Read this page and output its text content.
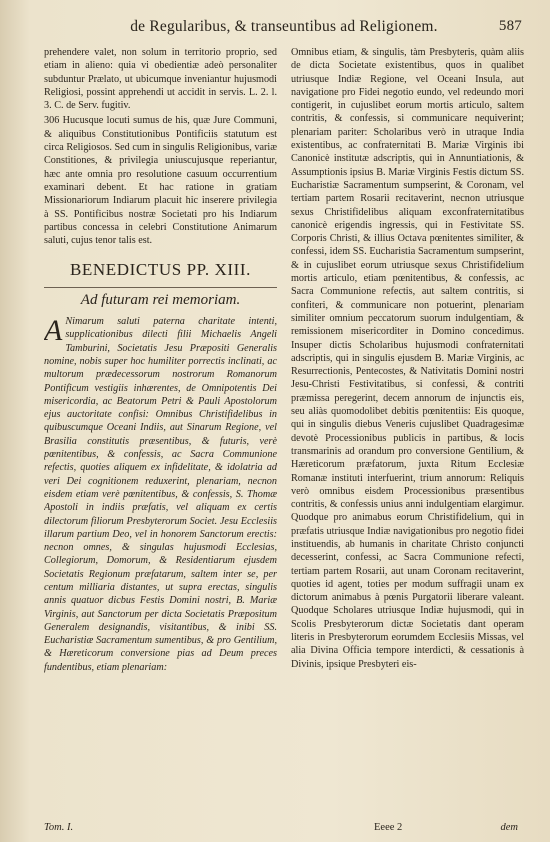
de Regularibus, & transeuntibus ad Religionem.	587

prehendere valet, non solum in territorio proprio, sed etiam in alieno: quia vi obedientiæ adeò personaliter subduntur Prælato, ut ubicumque inveniantur hujusmodi Religiosi, possint apprehendi ut accidit in servis. L. 2. l. 3. C. de Serv. fugitiv.

306 Hucusque locuti sumus de his, quæ Jure Communi, & aliquibus Constitutionibus Pontificiis statutum est circa Religiosos. Sed cum in singulis Religionibus, variæ Constitiones, & privilegia uniuscujusque reperiantur, hæc ante omnia pro resolutione casuum occurrentium examinari debent. Et hac ratione in gratiam Missionariorum Indiarum placuit hic inserere privilegia à SS. Pontificibus nostræ Societati pro his Indiarum partibus concessa in celebri Constitutione Animarum saluti, cujus tenor talis est.

BENEDICTUS PP. XIII.
Ad futuram rei memoriam.

A Nimarum saluti paterna charitate intenti, supplicationibus dilecti filii Michaelis Angeli Tamburini, Societatis Jesu Præpositi Generalis nomine, nobis super hoc humiliter porrectis inclinati, ac multorum prædecessorum nostrorum Romanorum Pontificum vestigiis inhærentes, de Omnipotentis Dei misericordia, ac Beatorum Petri & Pauli Apostolorum ejus auctoritate confisi: Omnibus Christifidelibus in quibuscumque Oceani Indiis, aut Sinarum Regione, vel Brasilia constitutis præsentibus, & futuris, verè pœnitentibus, & confessis, ac Sacra Communione refectis, quoties aliquem ex infidelitate, & idolatria ad veri Dei cognitionem reduxerint, plenariam, necnon eisdem etiam verè pœnitentibus, & confessis, S. Thomæ Apostoli in indiis præfatis, vel aliquam ex certis dilectorum filiorum Presbyterorum Societ. Jesu Ecclesiis illarum partium Deo, vel in honorem Sanctorum erectis: necnon omnes, & singulas hujusmodi Ecclesias, Collegiorum, Domorum, & Residentiarum ejusdem Societatis Regionum præfatarum, saltem inter se, per centum milliaria distantes, ut supra erectas, singulis annis quatuor dicbus Festis Domini nostri, B. Mariæ Virginis, aut Sanctorum per dicta Societatis Præpositum Generalem designandis, visitantibus, & inibi SS. Eucharistiæ Sacramentum sumentibus, & pro Gentilium, & Hæreticorum conversione pias ad Deum preces fundentibus, etiam plenariam:

Omnibus etiam, & singulis, tàm Presbyteris, quàm aliis de dicta Societate existentibus, quos in qualibet utriusque Indiæ Regione, vel Oceani Insula, aut navigatione pro Fidei negotio eundo, vel redeundo mori contigerit, in cujuslibet eorum mortis articulo, saltem contritis, & confessis, si communicare nequiverint; plenariam pariter: Scholaribus verò in utraque India existentibus, ac confraternitati B. Mariæ Virginis ibi Canonicè institutæ adscriptis, qui in Annuntiationis, & Assumptionis ipsius B. Mariæ Virginis Festis dictum SS. Eucharistiæ Sacramentum sumpserint, & Coronam, vel tertiam partem Rosarii recitaverint, necnon utriusque sexus Christifidelibus aliquam exconfraternitatibus canonicè erigendis ingressis, qui in Festivitate SS. Corporis Christi, & illius Octava pœnitentes similiter, & confessi, idem SS. Eucharistia Sacramentum sumpserint, & in cujuslibet eorum utriusque sexus Christifidelium mortis articulo, etiam pœnitentibus, & confessis, ac Sacra Communione refectis, aut saltem contritis, si confiteri, & communicare non potuerint, plenariam similiter omnium peccatorum suorum indulgentiam, & remissionem misericorditer in Domino concedimus. Insuper dictis Scholaribus hujusmodi confraternitati adscriptis, qui in singulis ejusdem B. Mariæ Virginis, ac Resurrectionis, Pentecostes, & Nativitatis Domini nostri Jesu-Christi Festivitatibus, si confessi, & contriti præmissa peregerint, decem annorum de injunctis eis, seu aliàs quomodolibet debitis pœnitentiis: Eis quoque, qui in singulis diebus Veneris cujuslibet Quadragesimæ devotè Processionibus publicis in partibus, & locis transmarinis ad orandum pro conversione Gentilium, & Hæreticorum præfatorum, juxta Ritum Ecclesiæ Romanæ instituti interfuerint, trium annorum: Reliquis verò omnibus eisdem Processionibus præsentibus contritis, & confessis unius anni indulgentiam elargimur. Quodque pro animabus eorum Christifidelium, qui in præfatis utriusque Indiæ navigationibus pro negotio fidei instituendis, ab humanis in charitate Christo conjuncti decesserint, confessi, ac Sacra Communione refecti, tertiam partem Rosarii, aut unam Coronam recitaverint, quoties id agent, toties per modum suffragii unam ex dictorum animabus à pœnis Purgatorii liberare valeant. Quodque Scholares utriusque Indiæ hujusmodi, qui in Scolis Presbyterorum dictæ Societatis dant operam literis in Presbyterorum eorumdem Ecclesiis Missas, vel alia Divina Officia tempore interdicti, & cessationis à Divinis, ipsique Presbyteri eis-

Tom. I.	Eeee 2	dem
